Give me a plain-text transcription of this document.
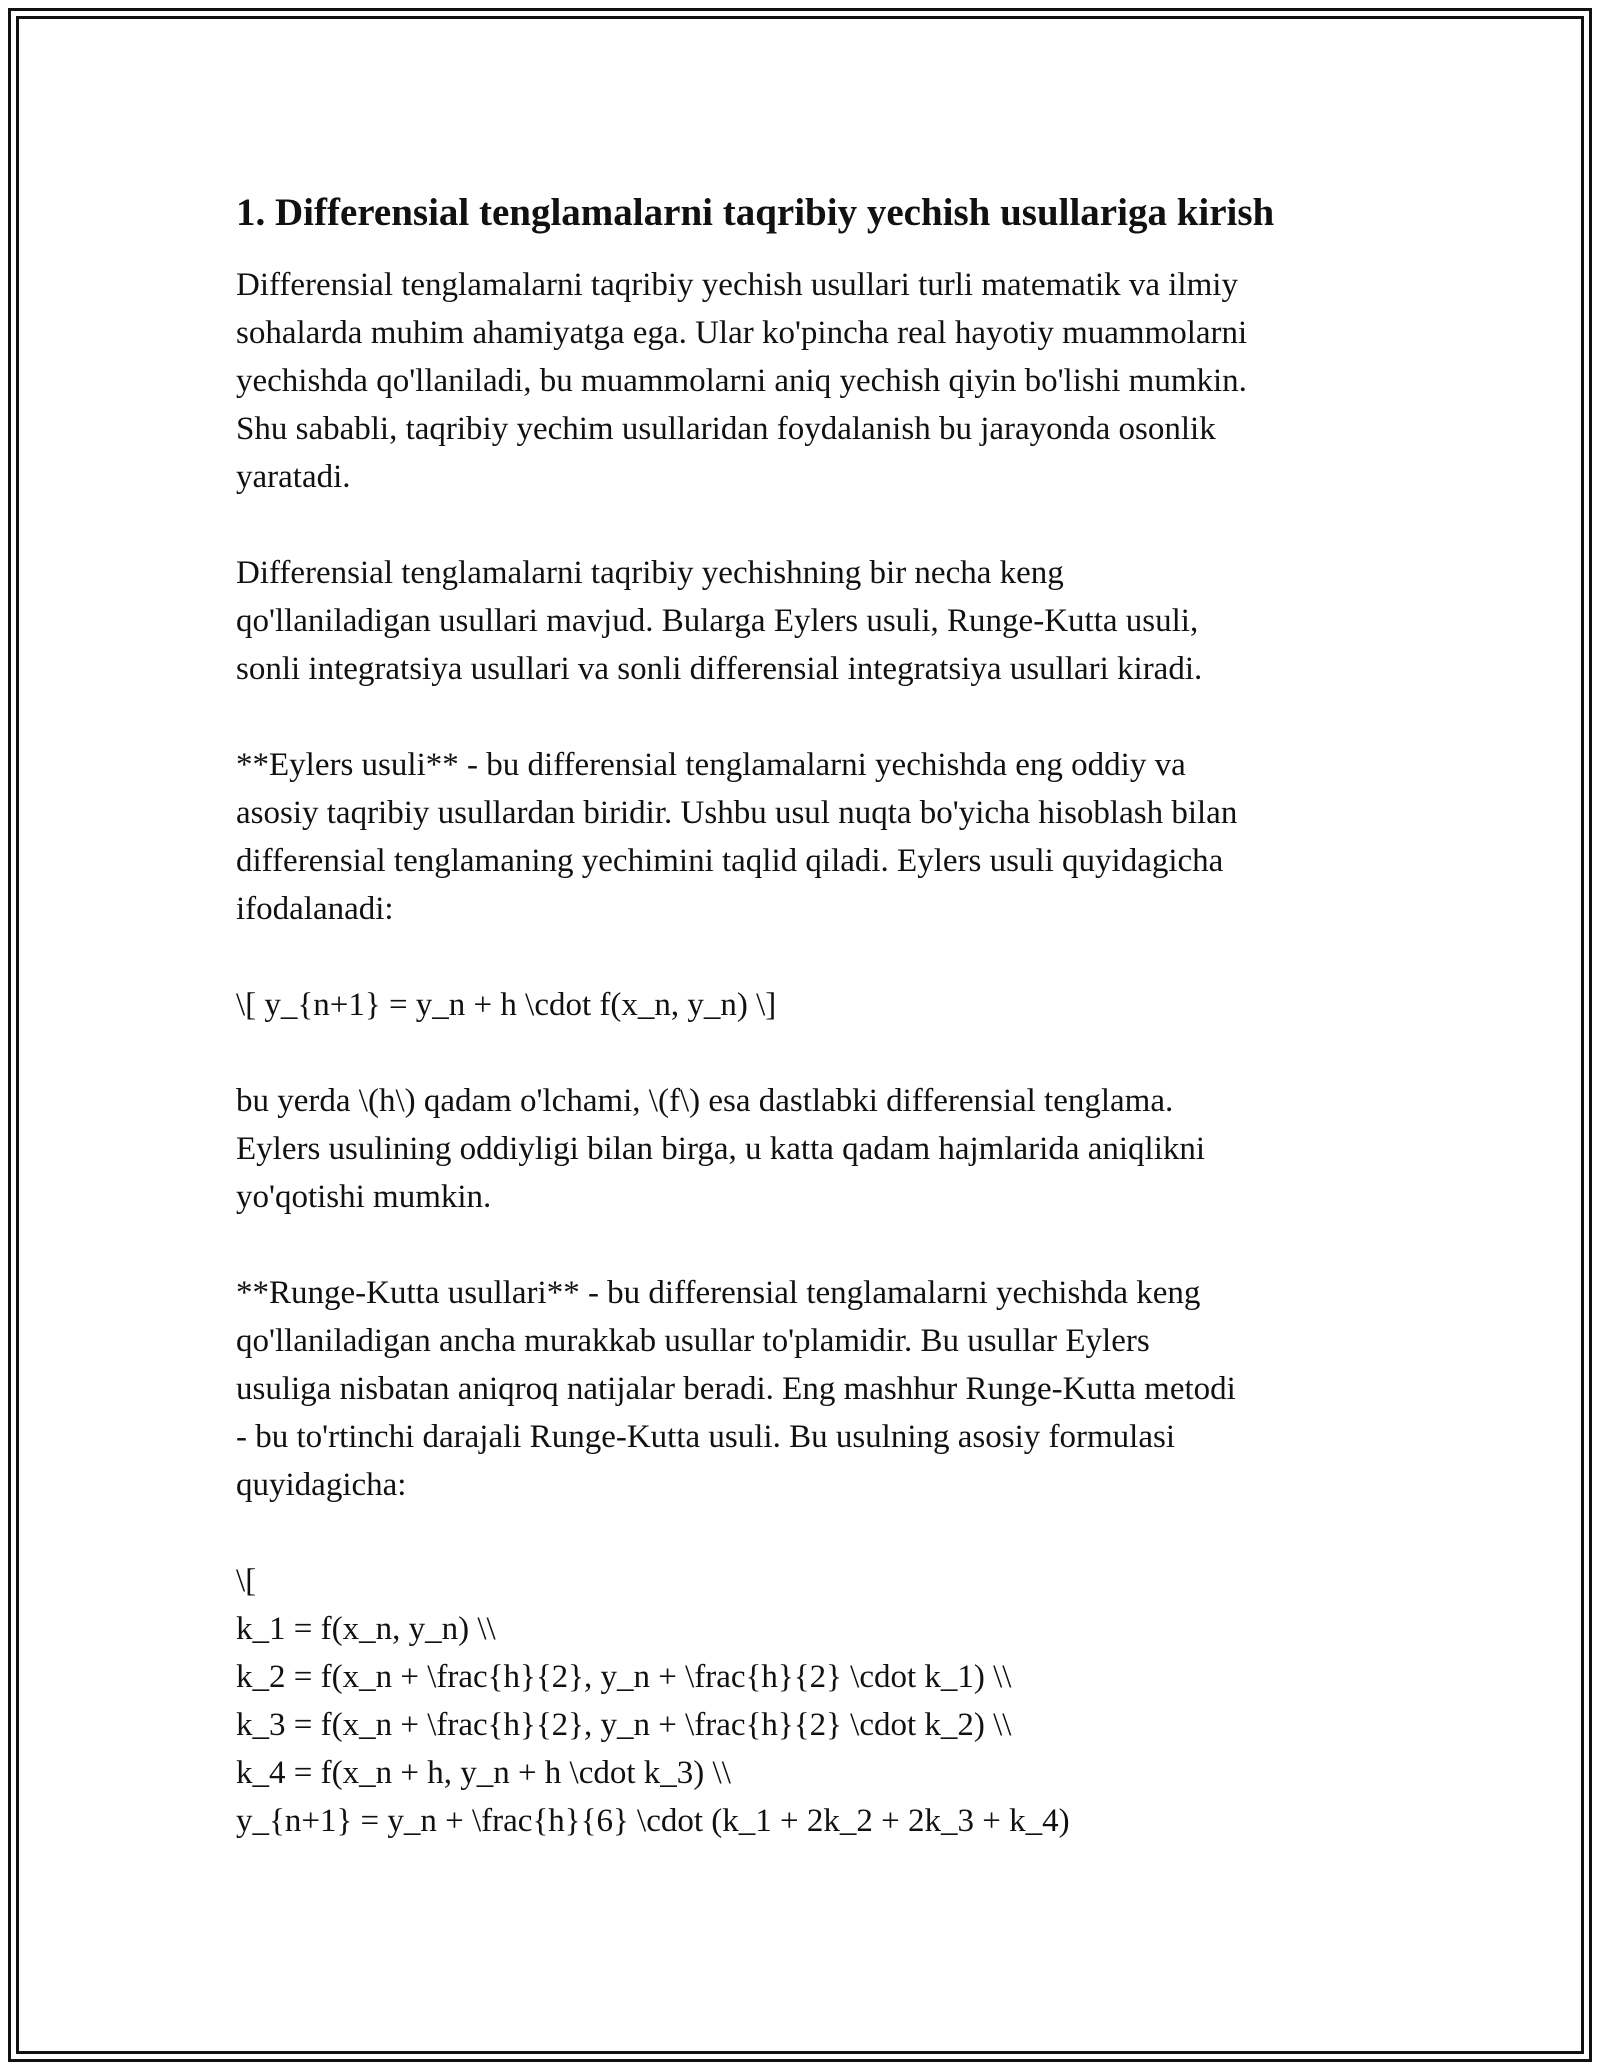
1. Differensial tenglamalarni taqribiy yechish usullariga kirish

Differensial tenglamalarni taqribiy yechish usullari turli matematik va ilmiy
sohalarda muhim ahamiyatga ega. Ular ko'pincha real hayotiy muammolarni
yechishda qo'llaniladi, bu muammolarni aniq yechish qiyin bo'lishi mumkin.
Shu sababli, taqribiy yechim usullaridan foydalanish bu jarayonda osonlik
yaratadi.

Differensial tenglamalarni taqribiy yechishning bir necha keng
qo'llaniladigan usullari mavjud. Bularga Eylers usuli, Runge-Kutta usuli,
sonli integratsiya usullari va sonli differensial integratsiya usullari kiradi.

**Eylers usuli** - bu differensial tenglamalarni yechishda eng oddiy va
asosiy taqribiy usullardan biridir. Ushbu usul nuqta bo'yicha hisoblash bilan
differensial tenglamaning yechimini taqlid qiladi. Eylers usuli quyidagicha
ifodalanadi:

\[ y_{n+1} = y_n + h \cdot f(x_n, y_n) \]

bu yerda \(h\) qadam o'lchami, \(f\) esa dastlabki differensial tenglama.
Eylers usulining oddiyligi bilan birga, u katta qadam hajmlarida aniqlikni
yo'qotishi mumkin.

**Runge-Kutta usullari** - bu differensial tenglamalarni yechishda keng
qo'llaniladigan ancha murakkab usullar to'plamidir. Bu usullar Eylers
usuliga nisbatan aniqroq natijalar beradi. Eng mashhur Runge-Kutta metodi
- bu to'rtinchi darajali Runge-Kutta usuli. Bu usulning asosiy formulasi
quyidagicha:

\[
k_1 = f(x_n, y_n) \\
k_2 = f(x_n + \frac{h}{2}, y_n + \frac{h}{2} \cdot k_1) \\
k_3 = f(x_n + \frac{h}{2}, y_n + \frac{h}{2} \cdot k_2) \\
k_4 = f(x_n + h, y_n + h \cdot k_3) \\
y_{n+1} = y_n + \frac{h}{6} \cdot (k_1 + 2k_2 + 2k_3 + k_4)
